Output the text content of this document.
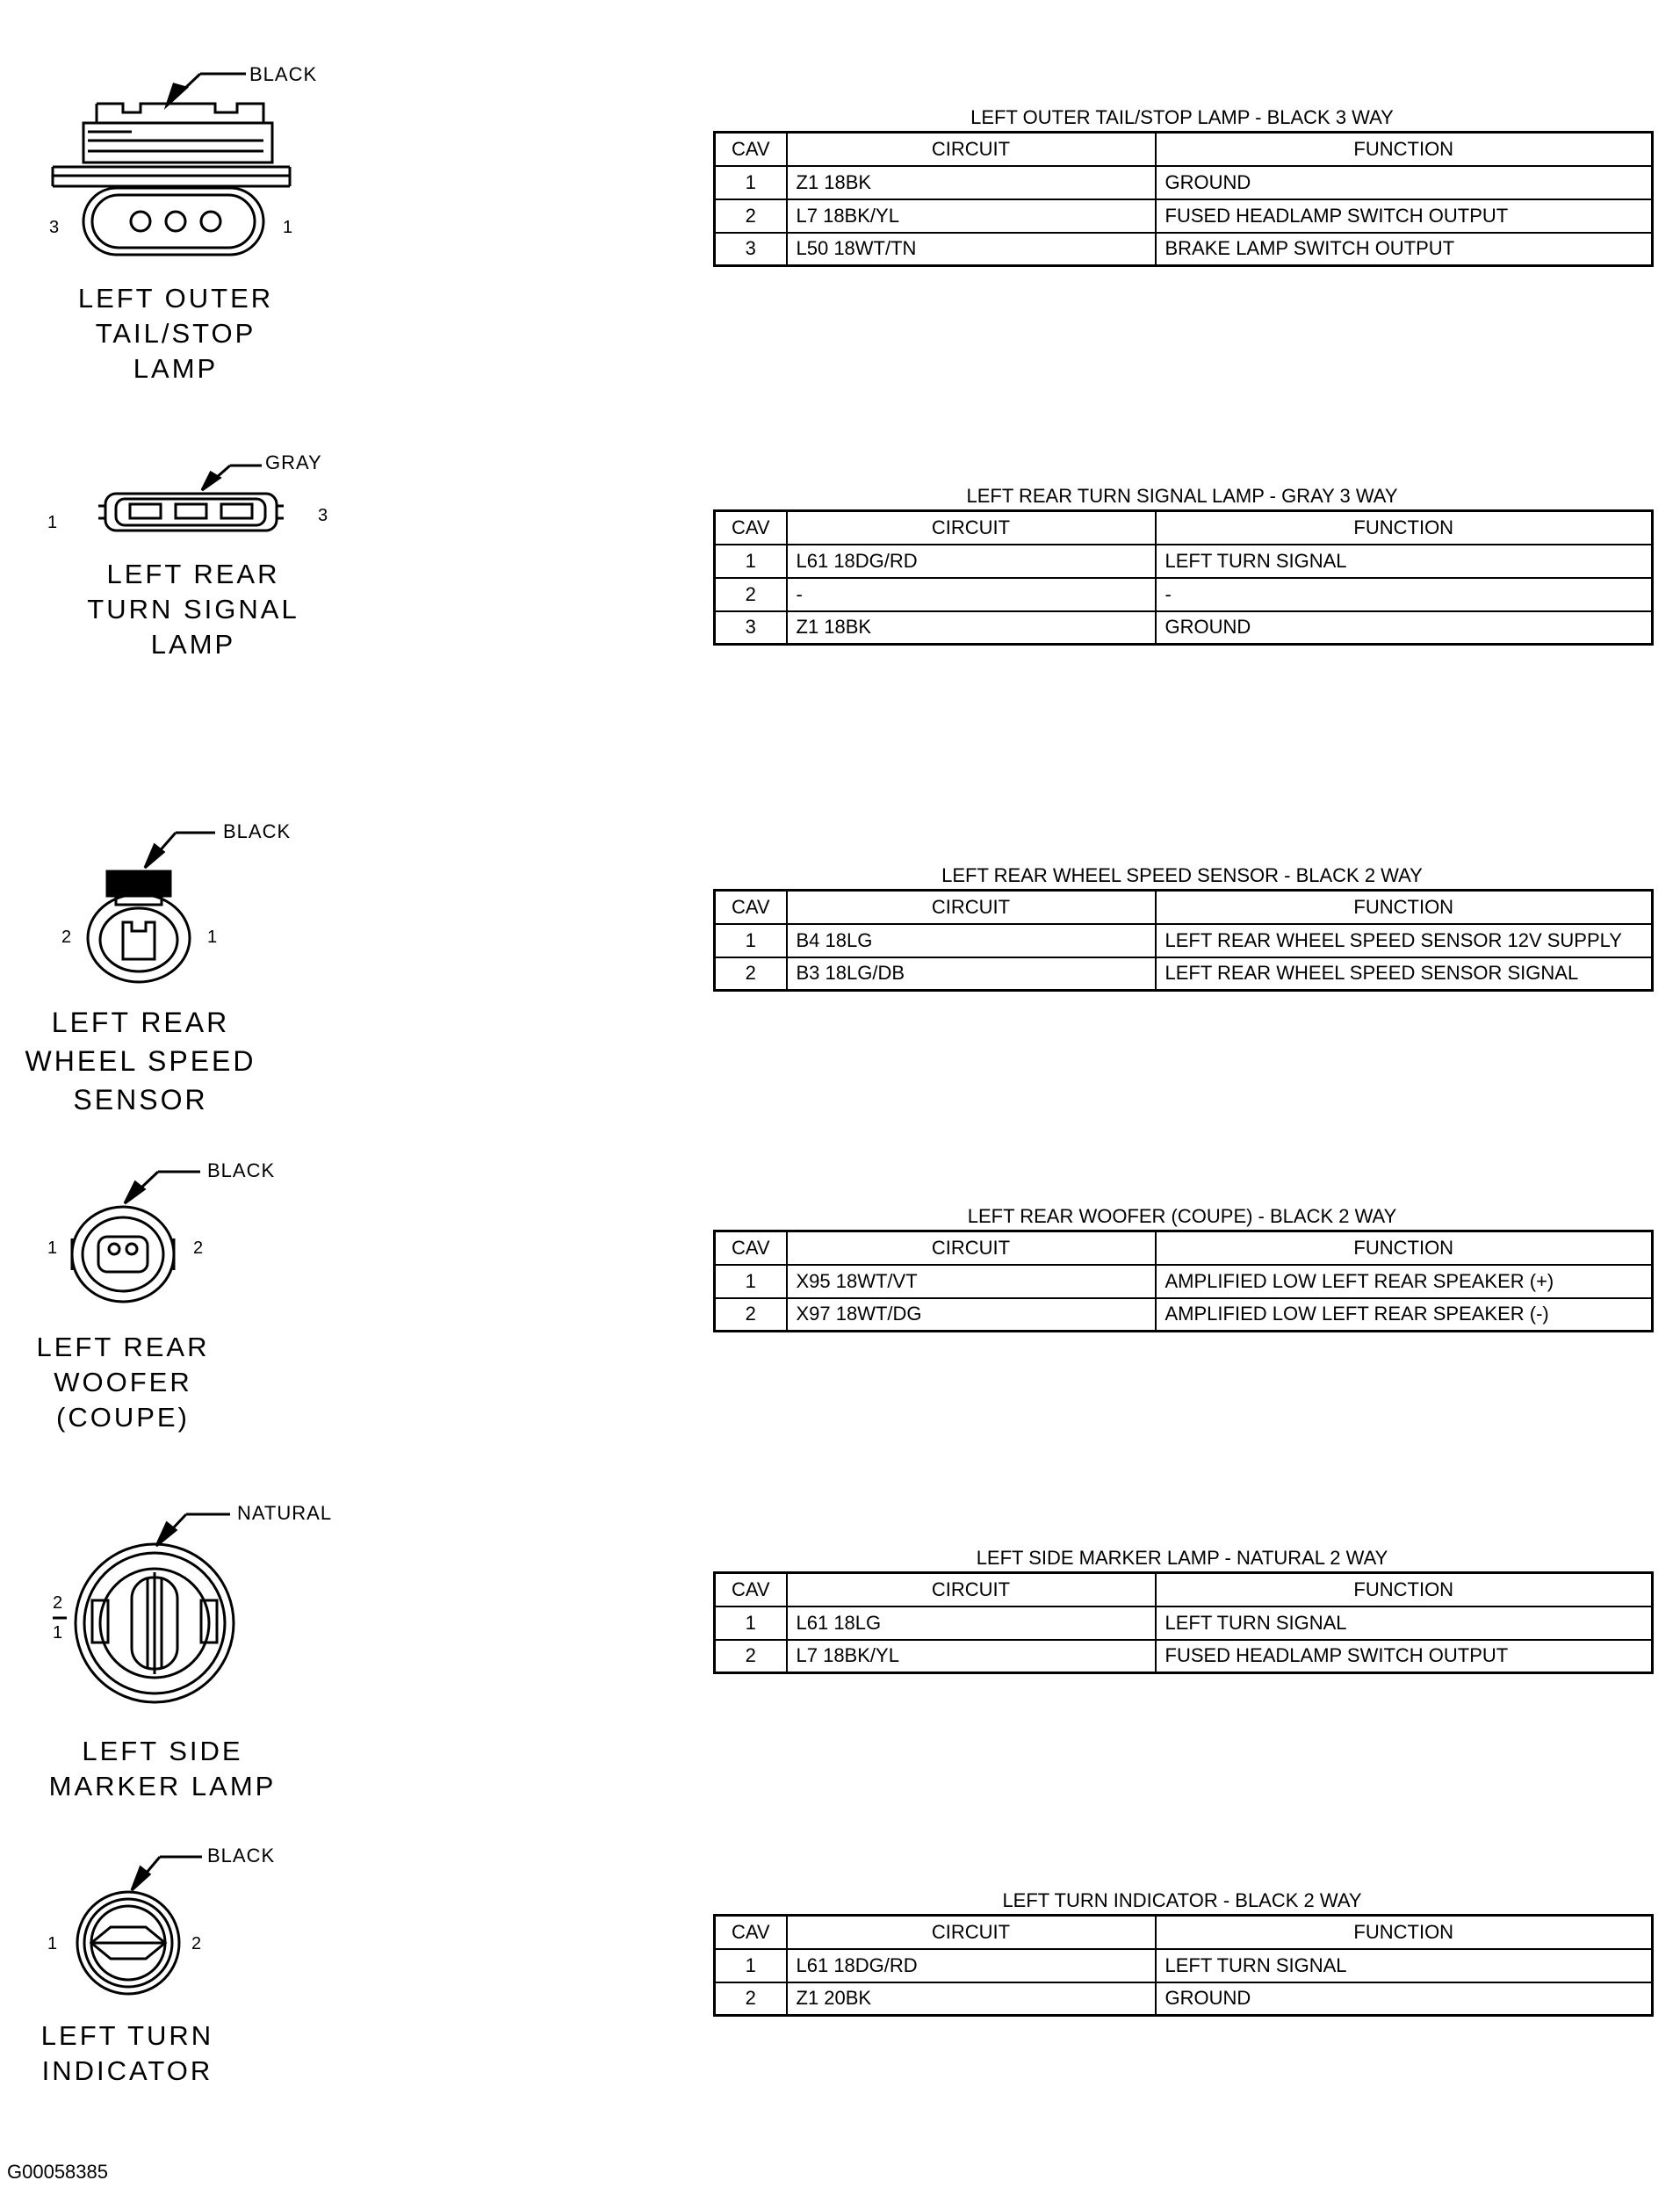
BLACK
3	1
LEFT OUTER
TAIL/STOP
LAMP
LEFT OUTER TAIL/STOP LAMP - BLACK 3 WAY
CAV	CIRCUIT	FUNCTION
1	Z1 18BK	GROUND
2	L7 18BK/YL	FUSED HEADLAMP SWITCH OUTPUT
3	L50 18WT/TN	BRAKE LAMP SWITCH OUTPUT
GRAY
1	3
LEFT REAR
TURN SIGNAL
LAMP
LEFT REAR TURN SIGNAL LAMP - GRAY 3 WAY
CAV	CIRCUIT	FUNCTION
1	L61 18DG/RD	LEFT TURN SIGNAL
2	-	-
3	Z1 18BK	GROUND
BLACK
2	1
LEFT REAR
WHEEL SPEED
SENSOR
LEFT REAR WHEEL SPEED SENSOR - BLACK 2 WAY
CAV	CIRCUIT	FUNCTION
1	B4 18LG	LEFT REAR WHEEL SPEED SENSOR 12V SUPPLY
2	B3 18LG/DB	LEFT REAR WHEEL SPEED SENSOR SIGNAL
BLACK
1	2
LEFT REAR
WOOFER
(COUPE)
LEFT REAR WOOFER (COUPE) - BLACK 2 WAY
CAV	CIRCUIT	FUNCTION
1	X95 18WT/VT	AMPLIFIED LOW LEFT REAR SPEAKER (+)
2	X97 18WT/DG	AMPLIFIED LOW LEFT REAR SPEAKER (-)
NATURAL
2
1
LEFT SIDE
MARKER LAMP
LEFT SIDE MARKER LAMP - NATURAL 2 WAY
CAV	CIRCUIT	FUNCTION
1	L61 18LG	LEFT TURN SIGNAL
2	L7 18BK/YL	FUSED HEADLAMP SWITCH OUTPUT
BLACK
1	2
LEFT TURN
INDICATOR
LEFT TURN INDICATOR - BLACK 2 WAY
CAV	CIRCUIT	FUNCTION
1	L61 18DG/RD	LEFT TURN SIGNAL
2	Z1 20BK	GROUND
G00058385
